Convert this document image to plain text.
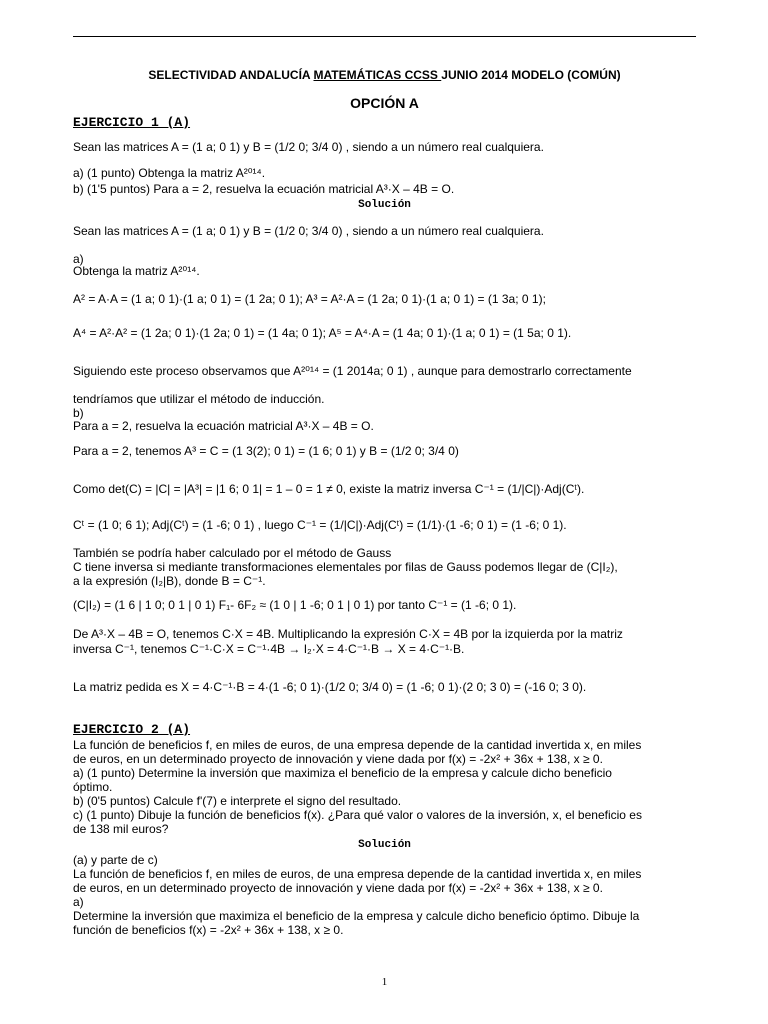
SELECTIVIDAD ANDALUCÍA MATEMÁTICAS CCSS JUNIO 2014 MODELO (COMÚN)
OPCIÓN A
EJERCICIO 1 (A)
Sean las matrices A = (1 a; 0 1) y B = (1/2 0; 3/4 0) , siendo a un número real cualquiera.
a) (1 punto) Obtenga la matriz A²⁰¹⁴.
b) (1'5 puntos) Para a = 2, resuelva la ecuación matricial A³·X – 4B = O.
Solución
Sean las matrices A = (1 a; 0 1) y B = (1/2 0; 3/4 0) , siendo a un número real cualquiera.
a)
Obtenga la matriz A²⁰¹⁴.
A² = A·A = (1 a; 0 1)·(1 a; 0 1) = (1 2a; 0 1); A³ = A²·A = (1 2a; 0 1)·(1 a; 0 1) = (1 3a; 0 1);
A⁴ = A²·A² = (1 2a; 0 1)·(1 2a; 0 1) = (1 4a; 0 1); A⁵ = A⁴·A = (1 4a; 0 1)·(1 a; 0 1) = (1 5a; 0 1).
Siguiendo este proceso observamos que A²⁰¹⁴ = (1 2014a; 0 1) , aunque para demostrarlo correctamente
tendríamos que utilizar el método de inducción.
b)
Para a = 2, resuelva la ecuación matricial A³·X – 4B = O.
Para a = 2, tenemos A³ = C = (1 3(2); 0 1) = (1 6; 0 1) y B = (1/2 0; 3/4 0)
Como det(C) = |C| = |A³| = |1 6; 0 1| = 1 – 0 = 1 ≠ 0, existe la matriz inversa C⁻¹ = (1/|C|)·Adj(Cᵗ).
Cᵗ = (1 0; 6 1); Adj(Cᵗ) = (1 -6; 0 1) , luego C⁻¹ = (1/|C|)·Adj(Cᵗ) = (1/1)·(1 -6; 0 1) = (1 -6; 0 1).
También se podría haber calculado por el método de Gauss
C tiene inversa si mediante transformaciones elementales por filas de Gauss podemos llegar de (C|I₂),
a la expresión (I₂|B), donde B = C⁻¹.
(C|I₂) = (1 6 | 1 0; 0 1 | 0 1) F₁- 6F₂ ≈ (1 0 | 1 -6; 0 1 | 0 1) por tanto C⁻¹ = (1 -6; 0 1).
De A³·X – 4B = O, tenemos C·X = 4B. Multiplicando la expresión C·X = 4B por la izquierda por la matriz
inversa C⁻¹, tenemos C⁻¹·C·X = C⁻¹·4B → I₂·X = 4·C⁻¹·B → X = 4·C⁻¹·B.
La matriz pedida es X = 4·C⁻¹·B = 4·(1 -6; 0 1)·(1/2 0; 3/4 0) = (1 -6; 0 1)·(2 0; 3 0) = (-16 0; 3 0).
EJERCICIO 2 (A)
La función de beneficios f, en miles de euros, de una empresa depende de la cantidad invertida x, en miles
de euros, en un determinado proyecto de innovación y viene dada por f(x) = -2x² + 36x + 138, x ≥ 0.
a) (1 punto) Determine la inversión que maximiza el beneficio de la empresa y calcule dicho beneficio
óptimo.
b) (0'5 puntos) Calcule f'(7) e interprete el signo del resultado.
c) (1 punto) Dibuje la función de beneficios f(x). ¿Para qué valor o valores de la inversión, x, el beneficio es
de 138 mil euros?
Solución
(a) y parte de c)
La función de beneficios f, en miles de euros, de una empresa depende de la cantidad invertida x, en miles
de euros, en un determinado proyecto de innovación y viene dada por f(x) = -2x² + 36x + 138, x ≥ 0.
a)
Determine la inversión que maximiza el beneficio de la empresa y calcule dicho beneficio óptimo. Dibuje la
función de beneficios f(x) = -2x² + 36x + 138, x ≥ 0.
1
